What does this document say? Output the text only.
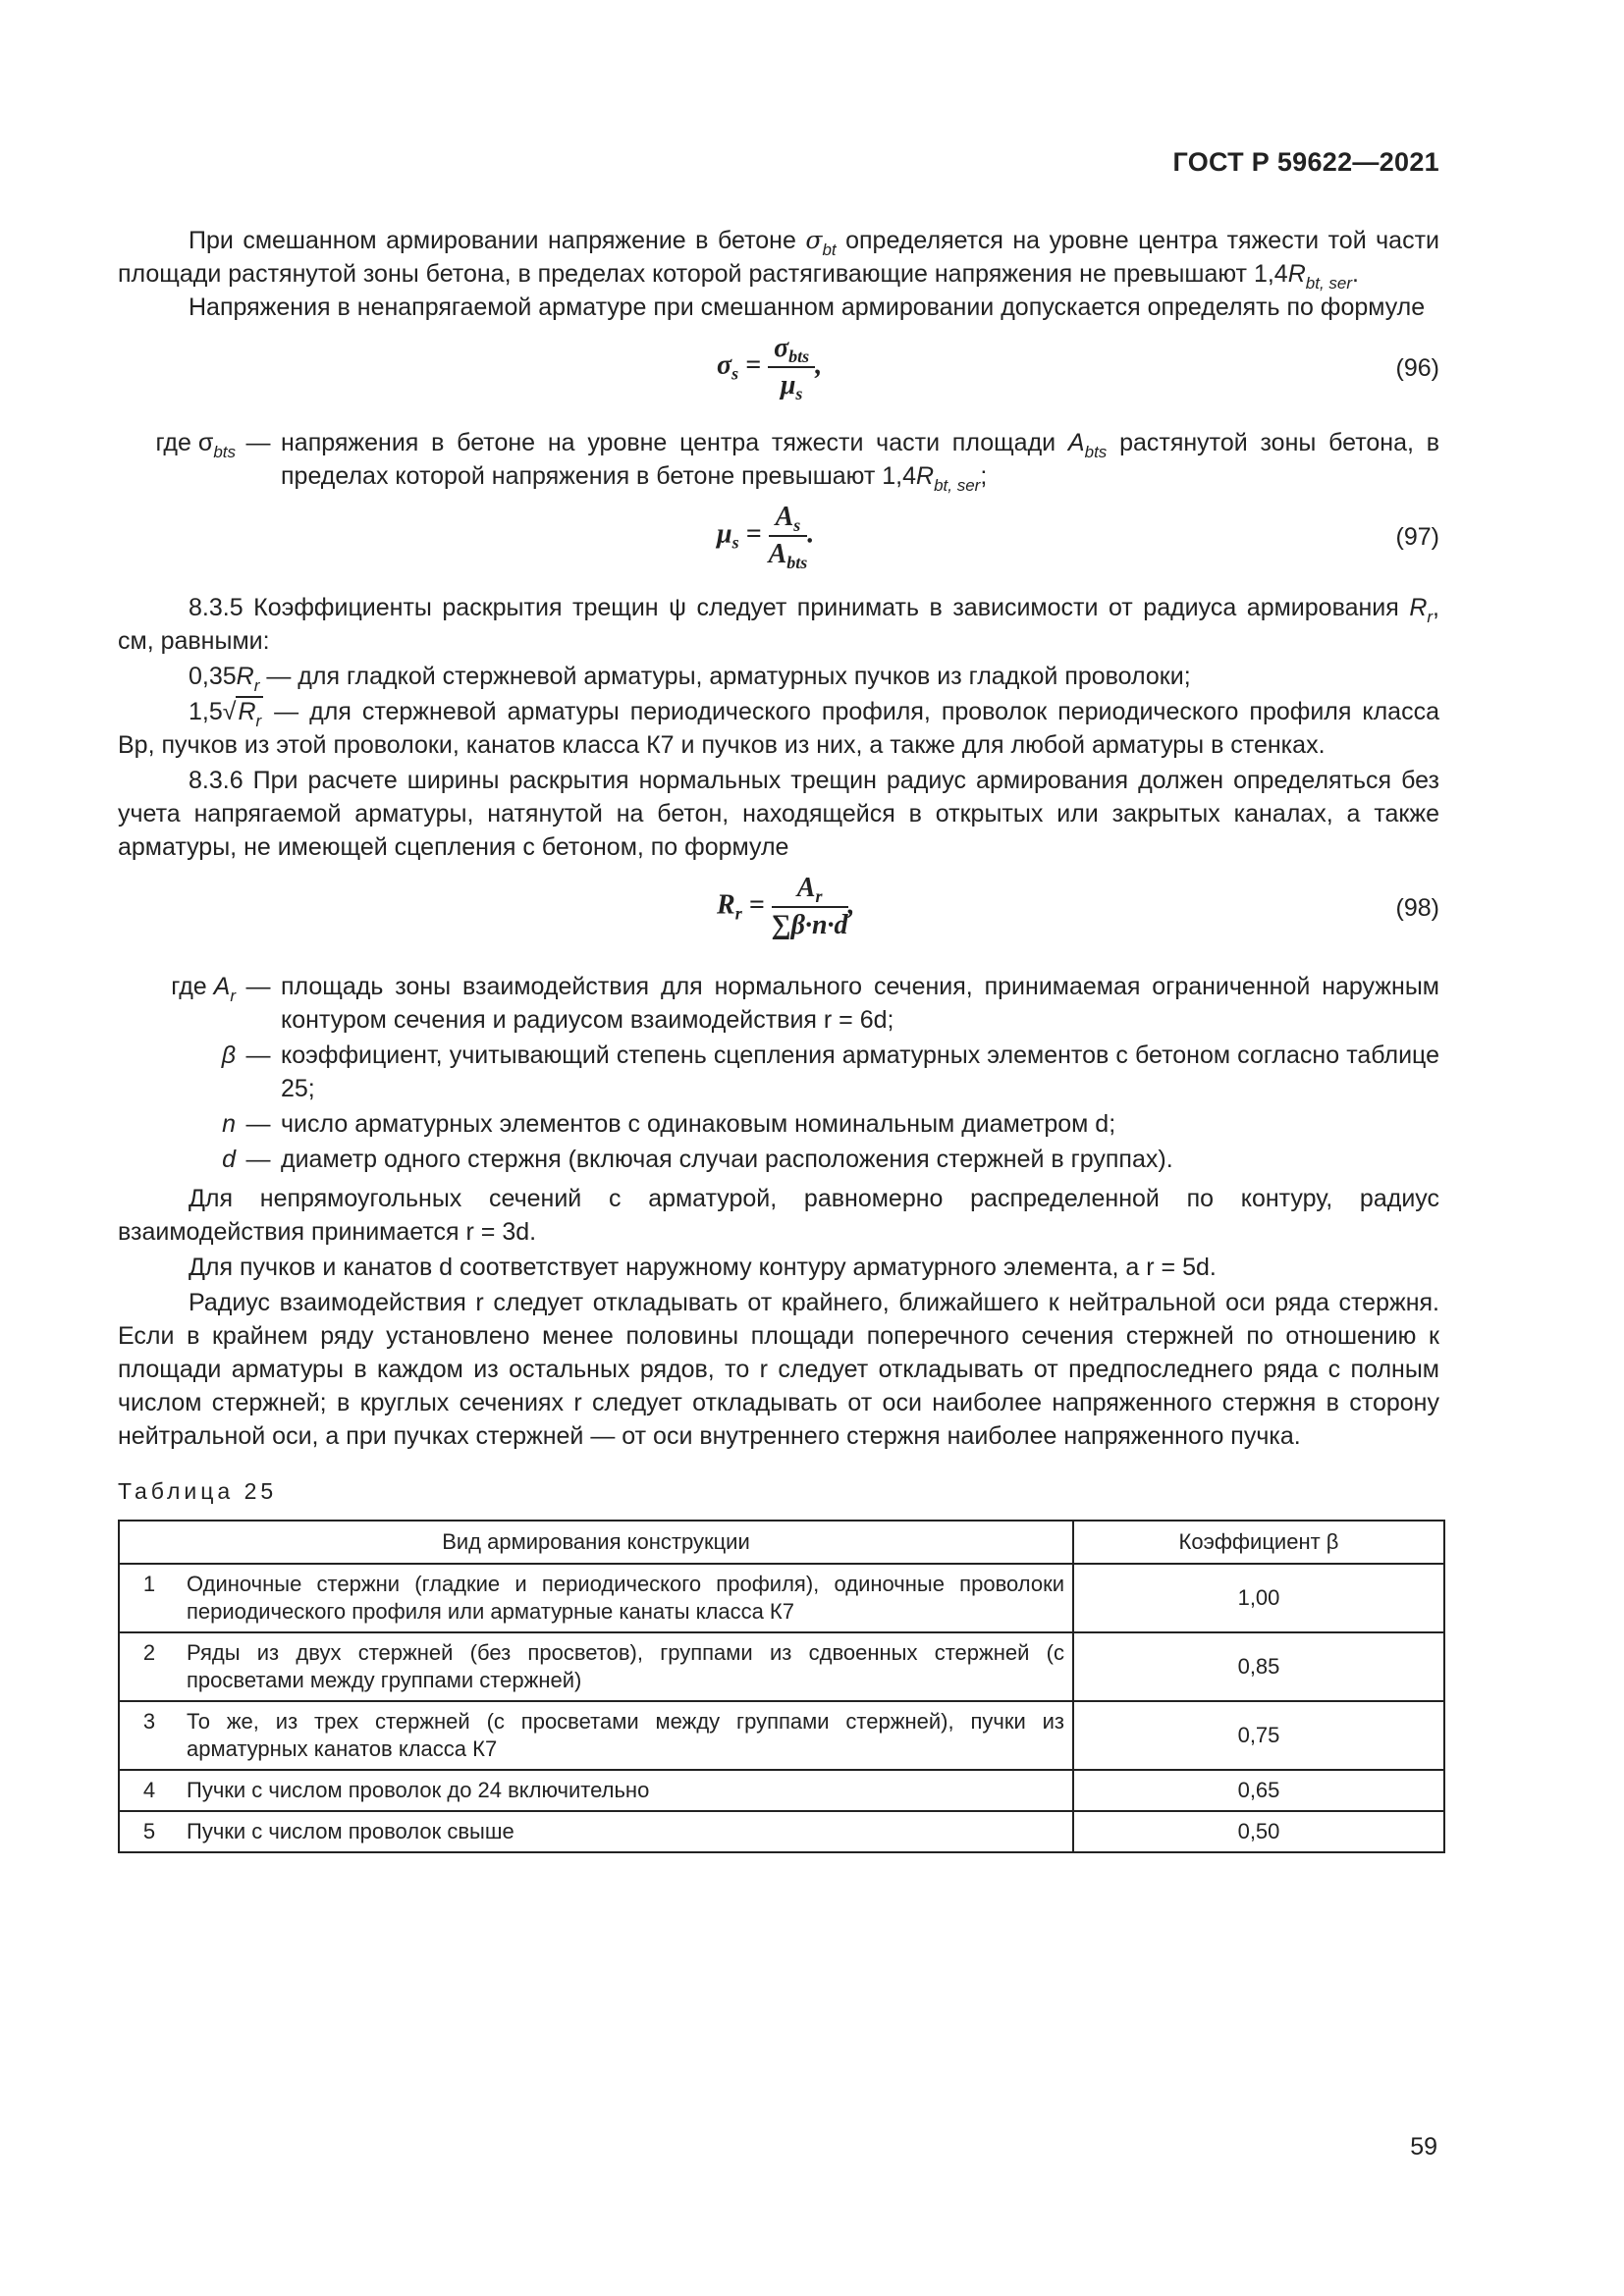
ГОСТ Р 59622—2021

При смешанном армировании напряжение в бетоне $\sigma_{bt}$ определяется на уровне центра тяжести той части площади растянутой зоны бетона, в пределах которой растягивающие напряжения не превышают $1,4R_{bt, ser}$.

Напряжения в ненапрягаемой арматуре при смешанном армировании допускается определять по формуле

$\sigma_s = \frac{\sigma_{bts}}{\mu_s}$ ,	(96)
где $\sigma_{bts}$ — напряжения в бетоне на уровне центра тяжести части площади $A_{bts}$ растянутой зоны бетона, в пределах которой напряжения в бетоне превышают $1,4R_{bt, ser}$;
$\mu_s = \frac{A_s}{A_{bts}}$ .	(97)

8.3.5 Коэффициенты раскрытия трещин ψ следует принимать в зависимости от радиуса армирования $R_r$, см, равными:

$0,35R_r$ — для гладкой стержневой арматуры, арматурных пучков из гладкой проволоки;

$1,5√R_r$ — для стержневой арматуры периодического профиля, проволок периодического профиля класса Вр, пучков из этой проволоки, канатов класса К7 и пучков из них, а также для любой арматуры в стенках.

8.3.6 При расчете ширины раскрытия нормальных трещин радиус армирования должен определяться без учета напрягаемой арматуры, натянутой на бетон, находящейся в открытых или закрытых каналах, а также арматуры, не имеющей сцепления с бетоном, по формуле

$R_r = \frac{A_r}{\sum\beta\cdot n\cdot d}$ ,	(98)
где $A_r$ — площадь зоны взаимодействия для нормального сечения, принимаемая ограниченной наружным контуром сечения и радиусом взаимодействия r = 6d;
β — коэффициент, учитывающий степень сцепления арматурных элементов с бетоном согласно таблице 25;
n — число арматурных элементов с одинаковым номинальным диаметром d;
d — диаметр одного стержня (включая случаи расположения стержней в группах).

Для непрямоугольных сечений с арматурой, равномерно распределенной по контуру, радиус взаимодействия принимается r = 3d.

Для пучков и канатов d соответствует наружному контуру арматурного элемента, а r = 5d.

Радиус взаимодействия r следует откладывать от крайнего, ближайшего к нейтральной оси ряда стержня. Если в крайнем ряду установлено менее половины площади поперечного сечения стержней по отношению к площади арматуры в каждом из остальных рядов, то r следует откладывать от предпоследнего ряда с полным числом стержней; в круглых сечениях r следует откладывать от оси наиболее напряженного стержня в сторону нейтральной оси, а при пучках стержней — от оси внутреннего стержня наиболее напряженного пучка.

Таблица 25
Вид армирования конструкции		Коэффициент β
1	Одиночные стержни (гладкие и периодического профиля), одиночные проволоки периодического профиля или арматурные канаты класса К7	1,00
2	Ряды из двух стержней (без просветов), группами из сдвоенных стержней (с просветами между группами стержней)	0,85
3	То же, из трех стержней (с просветами между группами стержней), пучки из арматурных канатов класса К7	0,75
4	Пучки с числом проволок до 24 включительно	0,65
5	Пучки с числом проволок свыше	0,50
59
